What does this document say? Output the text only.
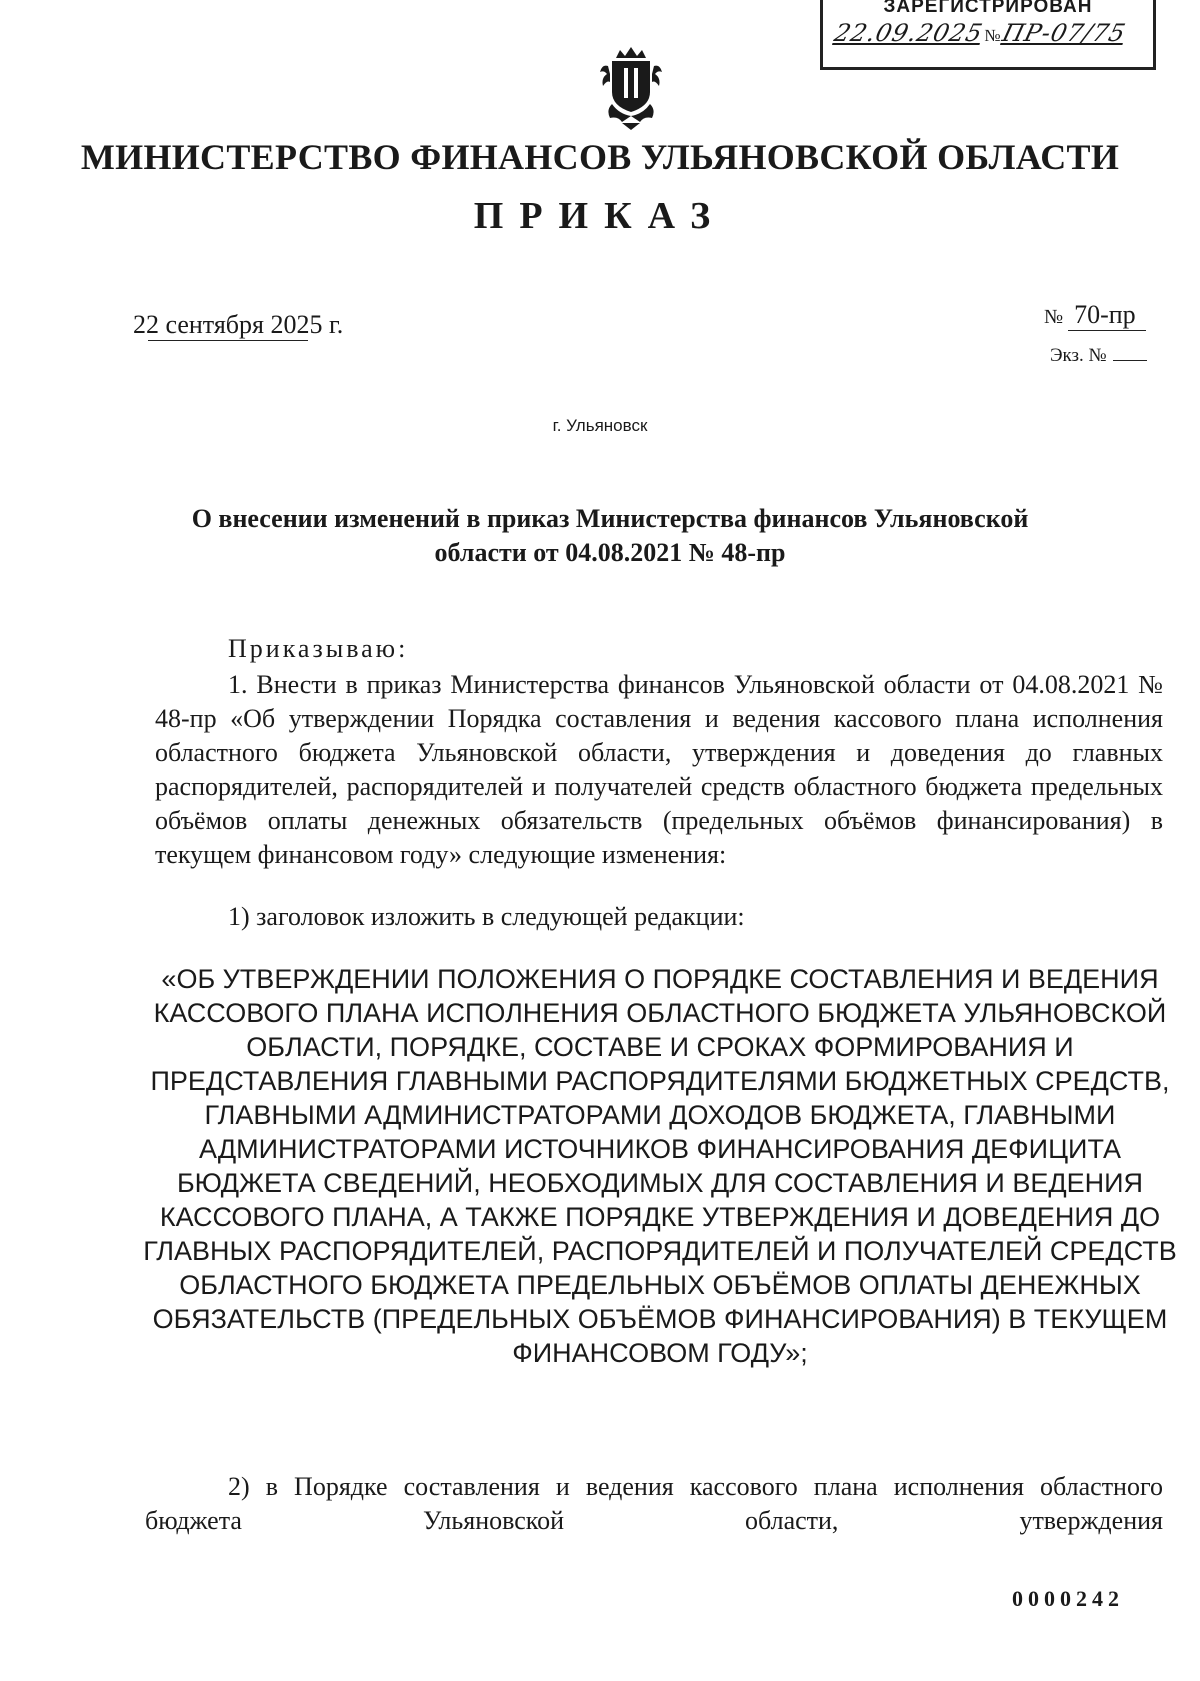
ЗАРЕГИСТРИРОВАН
22.09.2025№ПР-07/75
МИНИСТЕРСТВО ФИНАНСОВ УЛЬЯНОВСКОЙ ОБЛАСТИ
ПРИКАЗ
22 сентября 2025 г.	№ 70-пр
Экз. №
г. Ульяновск
О внесении изменений в приказ Министерства финансов Ульяновской области от 04.08.2021 № 48-пр
Приказываю:
1. Внести в приказ Министерства финансов Ульяновской области от 04.08.2021 № 48-пр «Об утверждении Порядка составления и ведения кассового плана исполнения областного бюджета Ульяновской области, утверждения и доведения до главных распорядителей, распорядителей и получателей средств областного бюджета предельных объёмов оплаты денежных обязательств (предельных объёмов финансирования) в текущем финансовом году» следующие изменения:
1) заголовок изложить в следующей редакции:
«ОБ УТВЕРЖДЕНИИ ПОЛОЖЕНИЯ О ПОРЯДКЕ СОСТАВЛЕНИЯ И ВЕДЕНИЯ КАССОВОГО ПЛАНА ИСПОЛНЕНИЯ ОБЛАСТНОГО БЮДЖЕТА УЛЬЯНОВСКОЙ ОБЛАСТИ, ПОРЯДКЕ, СОСТАВЕ И СРОКАХ ФОРМИРОВАНИЯ И ПРЕДСТАВЛЕНИЯ ГЛАВНЫМИ РАСПОРЯДИТЕЛЯМИ БЮДЖЕТНЫХ СРЕДСТВ, ГЛАВНЫМИ АДМИНИСТРАТОРАМИ ДОХОДОВ БЮДЖЕТА, ГЛАВНЫМИ АДМИНИСТРАТОРАМИ ИСТОЧНИКОВ ФИНАНСИРОВАНИЯ ДЕФИЦИТА БЮДЖЕТА СВЕДЕНИЙ, НЕОБХОДИМЫХ ДЛЯ СОСТАВЛЕНИЯ И ВЕДЕНИЯ КАССОВОГО ПЛАНА, А ТАКЖЕ ПОРЯДКЕ УТВЕРЖДЕНИЯ И ДОВЕДЕНИЯ ДО ГЛАВНЫХ РАСПОРЯДИТЕЛЕЙ, РАСПОРЯДИТЕЛЕЙ И ПОЛУЧАТЕЛЕЙ СРЕДСТВ ОБЛАСТНОГО БЮДЖЕТА ПРЕДЕЛЬНЫХ ОБЪЁМОВ ОПЛАТЫ ДЕНЕЖНЫХ ОБЯЗАТЕЛЬСТВ (ПРЕДЕЛЬНЫХ ОБЪЁМОВ ФИНАНСИРОВАНИЯ) В ТЕКУЩЕМ ФИНАНСОВОМ ГОДУ»;
2) в Порядке составления и ведения кассового плана исполнения областного бюджета Ульяновской области, утверждения
0000242
